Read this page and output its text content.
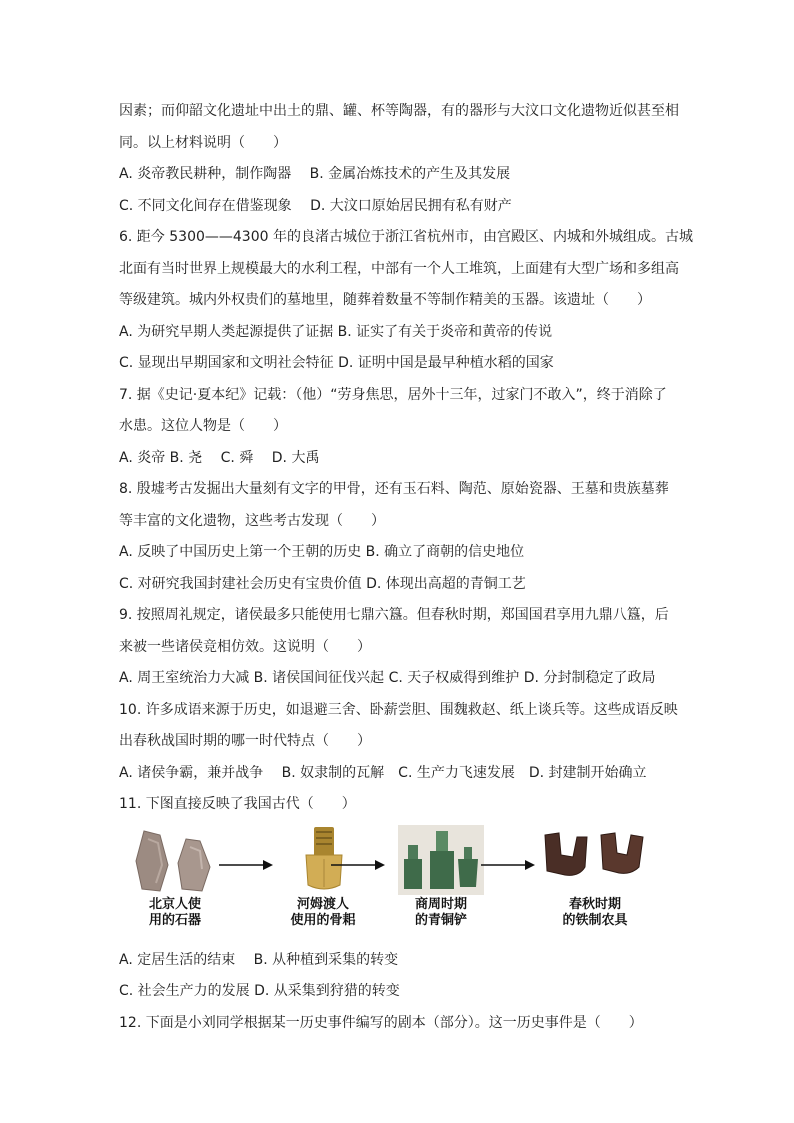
因素；而仰韶文化遗址中出土的鼎、罐、杯等陶器，有的器形与大汶口文化遗物近似甚至相
同。以上材料说明（　　）
A. 炎帝教民耕种，制作陶器　 B. 金属冶炼技术的产生及其发展
C. 不同文化间存在借鉴现象　 D. 大汶口原始居民拥有私有财产
6. 距今 5300——4300 年的良渚古城位于浙江省杭州市，由宫殿区、内城和外城组成。古城
北面有当时世界上规模最大的水利工程，中部有一个人工堆筑，上面建有大型广场和多组高
等级建筑。城内外权贵们的墓地里，随葬着数量不等制作精美的玉器。该遗址（　　）
A. 为研究早期人类起源提供了证据 B. 证实了有关于炎帝和黄帝的传说
C. 显现出早期国家和文明社会特征 D. 证明中国是最早种植水稻的国家
7. 据《史记·夏本纪》记载：（他）“劳身焦思，居外十三年，过家门不敢入”，终于消除了
水患。这位人物是（　　）
A. 炎帝 B. 尧　 C. 舜　 D. 大禹
8. 殷墟考古发掘出大量刻有文字的甲骨，还有玉石料、陶范、原始瓷器、王墓和贵族墓葬
等丰富的文化遗物，这些考古发现（　　）
A. 反映了中国历史上第一个王朝的历史 B. 确立了商朝的信史地位
C. 对研究我国封建社会历史有宝贵价值 D. 体现出高超的青铜工艺
9. 按照周礼规定，诸侯最多只能使用七鼎六簋。但春秋时期，郑国国君享用九鼎八簋，后
来被一些诸侯竞相仿效。这说明（　　）
A. 周王室统治力大减 B. 诸侯国间征伐兴起 C. 天子权威得到维护 D. 分封制稳定了政局
10. 许多成语来源于历史，如退避三舍、卧薪尝胆、围魏救赵、纸上谈兵等。这些成语反映
出春秋战国时期的哪一时代特点（　　）
A. 诸侯争霸，兼并战争　 B. 奴隶制的瓦解　C. 生产力飞速发展　D. 封建制开始确立
11. 下图直接反映了我国古代（　　）
北京人使
用的石器
河姆渡人
使用的骨耜
商周时期
的青铜铲
春秋时期
的铁制农具
A. 定居生活的结束　 B. 从种植到采集的转变
C. 社会生产力的发展 D. 从采集到狩猎的转变
12. 下面是小刘同学根据某一历史事件编写的剧本（部分）。这一历史事件是（　　）
